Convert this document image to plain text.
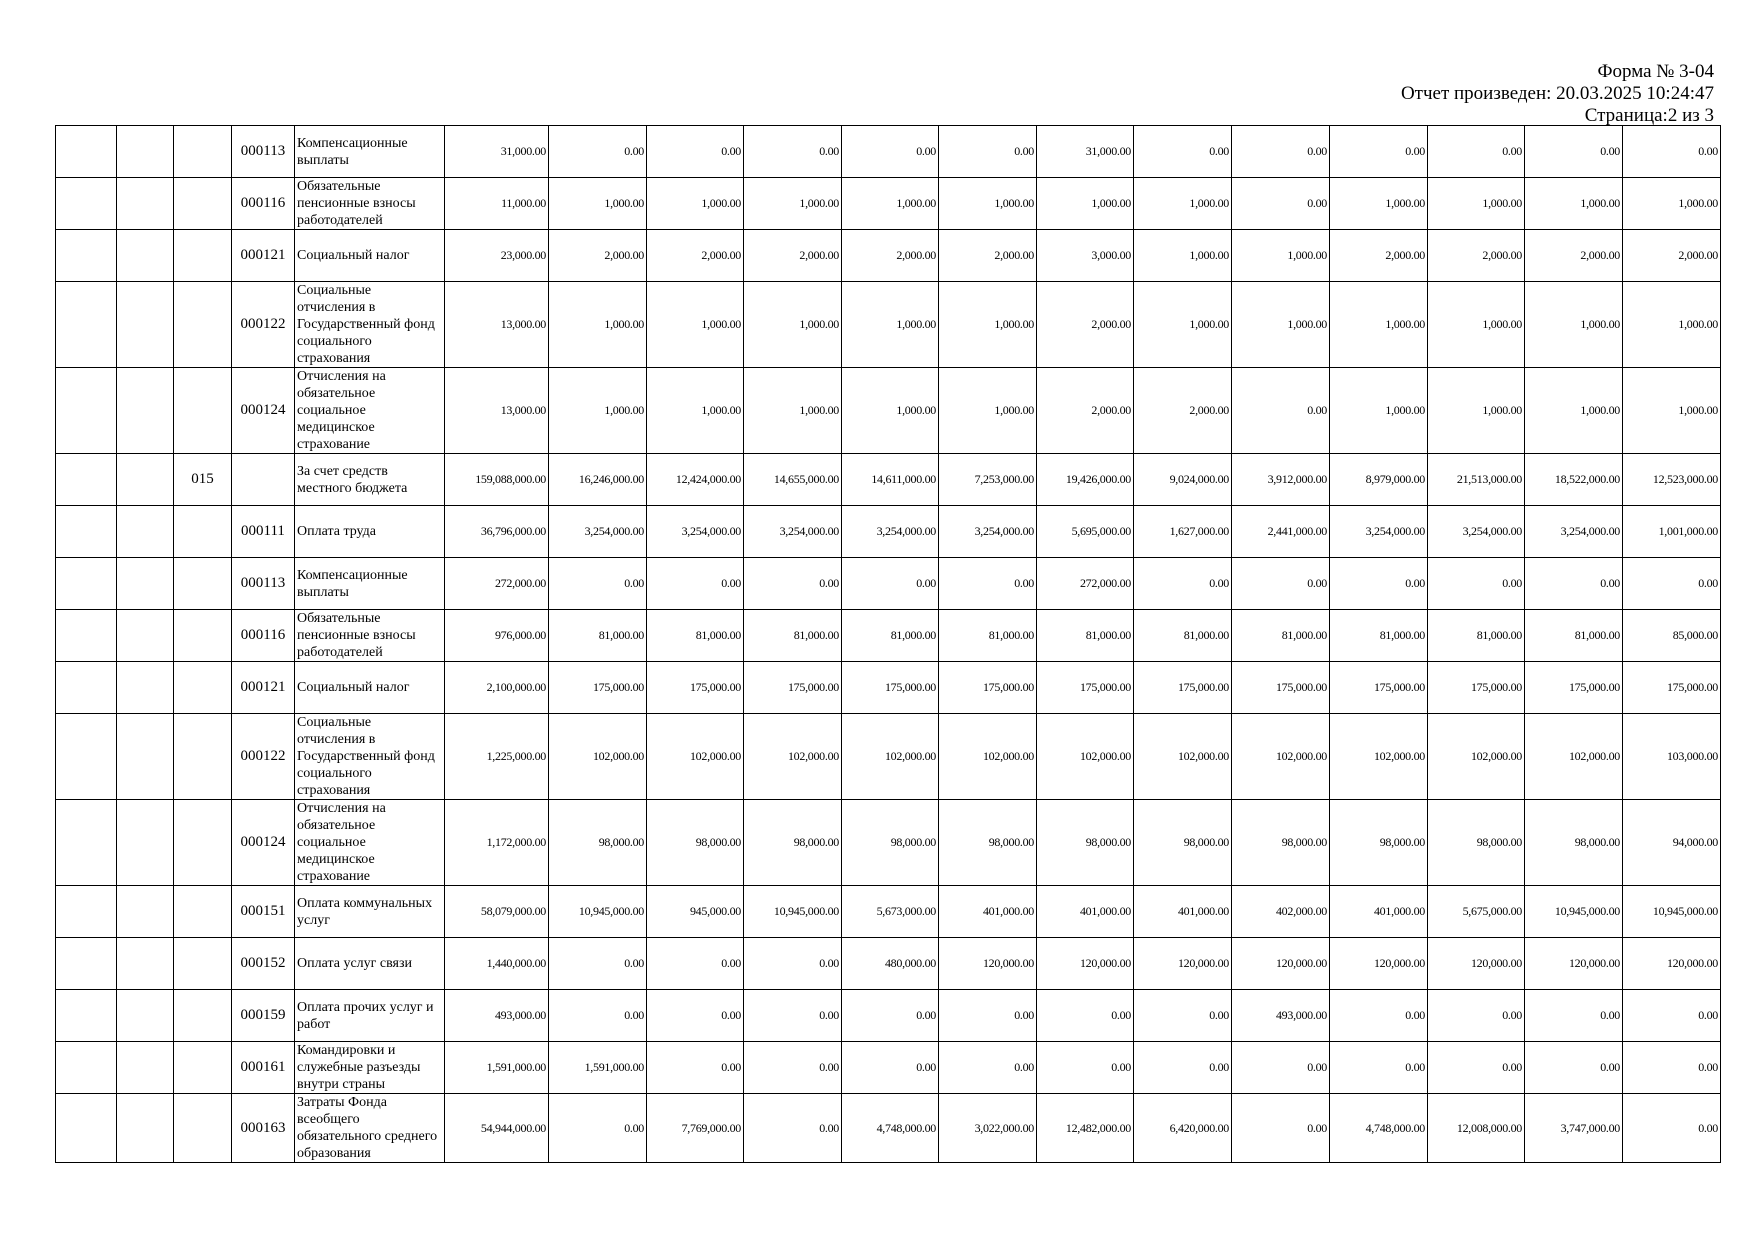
Форма № 3-04
Отчет произведен: 20.03.2025 10:24:47
Страница:2 из 3
			000113	Компенсационные выплаты	31,000.00	0.00	0.00	0.00	0.00	0.00	31,000.00	0.00	0.00	0.00	0.00	0.00	0.00
			000116	Обязательные пенсионные взносы работодателей	11,000.00	1,000.00	1,000.00	1,000.00	1,000.00	1,000.00	1,000.00	1,000.00	0.00	1,000.00	1,000.00	1,000.00	1,000.00
			000121	Социальный налог	23,000.00	2,000.00	2,000.00	2,000.00	2,000.00	2,000.00	3,000.00	1,000.00	1,000.00	2,000.00	2,000.00	2,000.00	2,000.00
			000122	Социальные отчисления в Государственный фонд социального страхования	13,000.00	1,000.00	1,000.00	1,000.00	1,000.00	1,000.00	2,000.00	1,000.00	1,000.00	1,000.00	1,000.00	1,000.00	1,000.00
			000124	Отчисления на обязательное социальное медицинское страхование	13,000.00	1,000.00	1,000.00	1,000.00	1,000.00	1,000.00	2,000.00	2,000.00	0.00	1,000.00	1,000.00	1,000.00	1,000.00
		015		За счет средств местного бюджета	159,088,000.00	16,246,000.00	12,424,000.00	14,655,000.00	14,611,000.00	7,253,000.00	19,426,000.00	9,024,000.00	3,912,000.00	8,979,000.00	21,513,000.00	18,522,000.00	12,523,000.00
			000111	Оплата труда	36,796,000.00	3,254,000.00	3,254,000.00	3,254,000.00	3,254,000.00	3,254,000.00	5,695,000.00	1,627,000.00	2,441,000.00	3,254,000.00	3,254,000.00	3,254,000.00	1,001,000.00
			000113	Компенсационные выплаты	272,000.00	0.00	0.00	0.00	0.00	0.00	272,000.00	0.00	0.00	0.00	0.00	0.00	0.00
			000116	Обязательные пенсионные взносы работодателей	976,000.00	81,000.00	81,000.00	81,000.00	81,000.00	81,000.00	81,000.00	81,000.00	81,000.00	81,000.00	81,000.00	81,000.00	85,000.00
			000121	Социальный налог	2,100,000.00	175,000.00	175,000.00	175,000.00	175,000.00	175,000.00	175,000.00	175,000.00	175,000.00	175,000.00	175,000.00	175,000.00	175,000.00
			000122	Социальные отчисления в Государственный фонд социального страхования	1,225,000.00	102,000.00	102,000.00	102,000.00	102,000.00	102,000.00	102,000.00	102,000.00	102,000.00	102,000.00	102,000.00	102,000.00	103,000.00
			000124	Отчисления на обязательное социальное медицинское страхование	1,172,000.00	98,000.00	98,000.00	98,000.00	98,000.00	98,000.00	98,000.00	98,000.00	98,000.00	98,000.00	98,000.00	98,000.00	94,000.00
			000151	Оплата коммунальных услуг	58,079,000.00	10,945,000.00	945,000.00	10,945,000.00	5,673,000.00	401,000.00	401,000.00	401,000.00	402,000.00	401,000.00	5,675,000.00	10,945,000.00	10,945,000.00
			000152	Оплата услуг связи	1,440,000.00	0.00	0.00	0.00	480,000.00	120,000.00	120,000.00	120,000.00	120,000.00	120,000.00	120,000.00	120,000.00	120,000.00
			000159	Оплата прочих услуг и работ	493,000.00	0.00	0.00	0.00	0.00	0.00	0.00	0.00	493,000.00	0.00	0.00	0.00	0.00
			000161	Командировки и служебные разъезды внутри страны	1,591,000.00	1,591,000.00	0.00	0.00	0.00	0.00	0.00	0.00	0.00	0.00	0.00	0.00	0.00
			000163	Затраты Фонда всеобщего обязательного среднего образования	54,944,000.00	0.00	7,769,000.00	0.00	4,748,000.00	3,022,000.00	12,482,000.00	6,420,000.00	0.00	4,748,000.00	12,008,000.00	3,747,000.00	0.00
